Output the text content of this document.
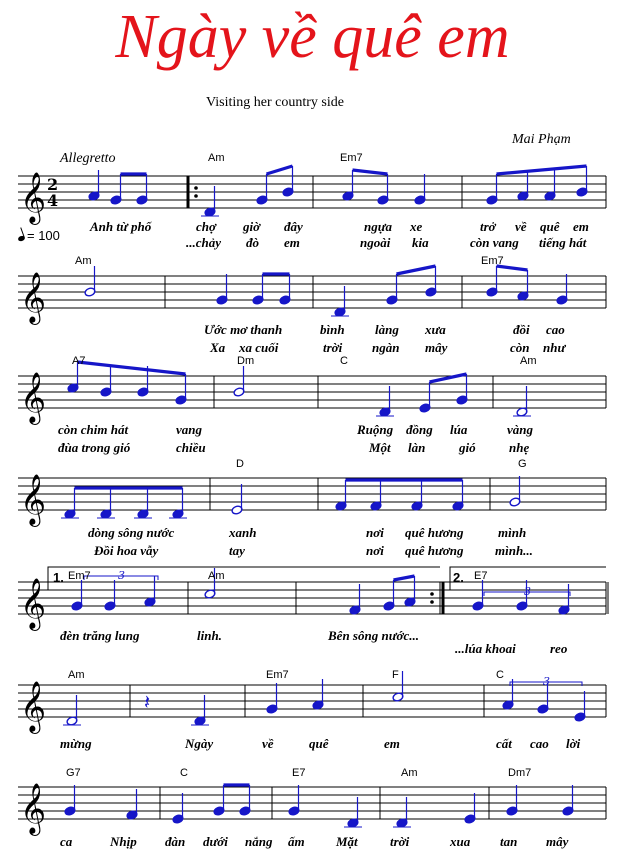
Ngày về quê em
Visiting her country side
Mai Phạm
Allegretto
= 100
𝄞 2
4
𝄞
𝄞
𝄞
𝄞
𝄞	𝄽
𝄞
3
3
3
Am	Em7
Anh từ phố	chợ giờ đây	ngựa xe	trở về quê em
...chảy đò em	ngoài kia	còn vang tiếng hát
Am	Em7
Ước mơ thanh	bình làng xưa	đồi cao
Xa xa cuối	trời ngàn mây	còn như
A7	Dm	C	Am
còn chim hát	vang	Ruộng đồng lúa	vàng
đùa trong gió	chiều	Một làn	gió	nhẹ
D	G
dòng sông nước	xanh	nơi quê hương	mình
Đồi hoa vẫy	tay	nơi quê hương mình...
1.	2.
Em7	Am	E7
đèn trăng lung	linh.	Bên sông nước...
...lúa khoai	reo
Am	Em7	F	C
mừng	Ngày	về	quê	em	cất cao lời
G7	C	E7	Am	Dm7
ca	Nhịp đàn dưới nắng ấm Mặt trời	xua tan mây
